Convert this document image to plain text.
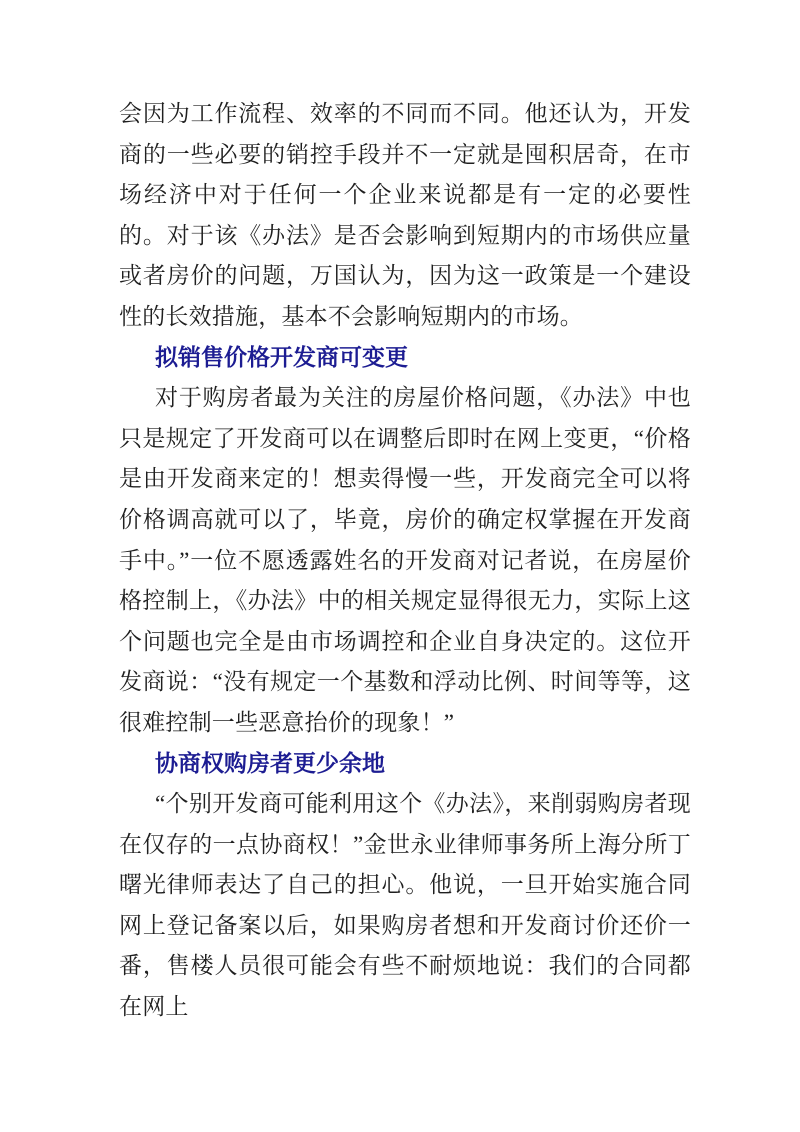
会因为工作流程、效率的不同而不同。他还认为，开发商的一些必要的销控手段并不一定就是囤积居奇，在市场经济中对于任何一个企业来说都是有一定的必要性的。对于该《办法》是否会影响到短期内的市场供应量或者房价的问题，万国认为，因为这一政策是一个建设性的长效措施，基本不会影响短期内的市场。

拟销售价格开发商可变更

对于购房者最为关注的房屋价格问题，《办法》中也只是规定了开发商可以在调整后即时在网上变更，“价格是由开发商来定的！想卖得慢一些，开发商完全可以将价格调高就可以了，毕竟，房价的确定权掌握在开发商手中。”一位不愿透露姓名的开发商对记者说，在房屋价格控制上，《办法》中的相关规定显得很无力，实际上这个问题也完全是由市场调控和企业自身决定的。这位开发商说：“没有规定一个基数和浮动比例、时间等等，这很难控制一些恶意抬价的现象！”

协商权购房者更少余地

“个别开发商可能利用这个《办法》，来削弱购房者现在仅存的一点协商权！”金世永业律师事务所上海分所丁曙光律师表达了自己的担心。他说，一旦开始实施合同网上登记备案以后，如果购房者想和开发商讨价还价一番，售楼人员很可能会有些不耐烦地说：我们的合同都在网上
